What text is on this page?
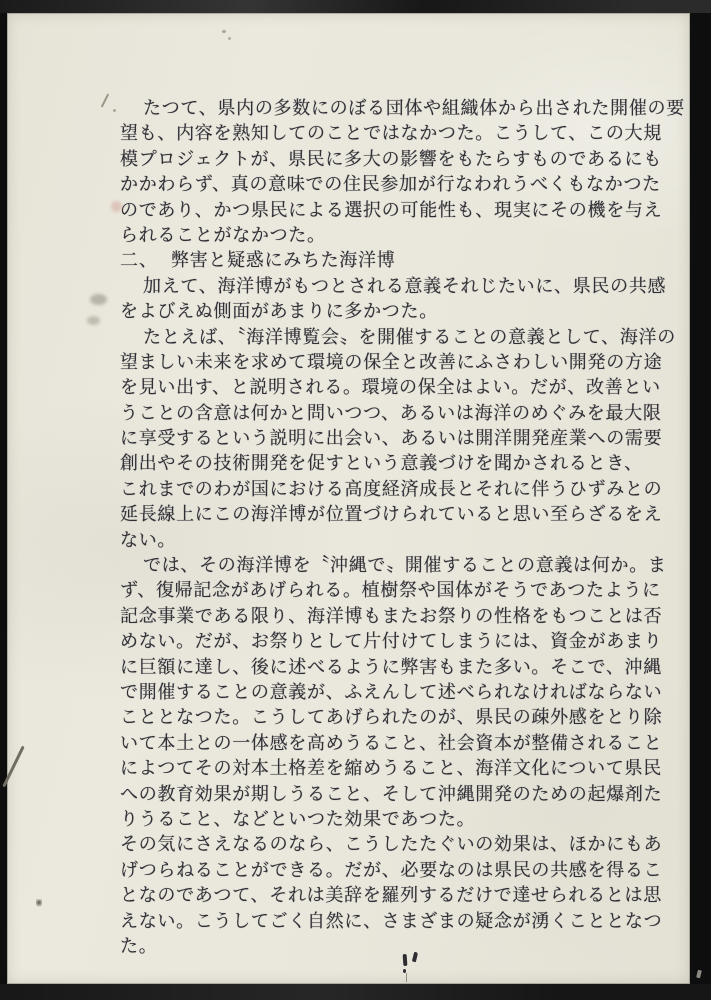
たつて、県内の多数にのぼる団体や組織体から出された開催の要
望も、内容を熟知してのことではなかつた。こうして、この大規
模プロジェクトが、県民に多大の影響をもたらすものであるにも
かかわらず、真の意味での住民参加が行なわれうべくもなかつた
のであり、かつ県民による選択の可能性も、現実にその機を与え
られることがなかつた。
二、 弊害と疑惑にみちた海洋博
加えて、海洋博がもつとされる意義それじたいに、県民の共感
をよびえぬ側面があまりに多かつた。
たとえば、〝海洋博覧会〟を開催することの意義として、海洋の
望ましい未来を求めて環境の保全と改善にふさわしい開発の方途
を見い出す、と説明される。環境の保全はよい。だが、改善とい
うことの含意は何かと問いつつ、あるいは海洋のめぐみを最大限
に享受するという説明に出会い、あるいは開洋開発産業への需要
創出やその技術開発を促すという意義づけを聞かされるとき、
これまでのわが国における高度経済成長とそれに伴うひずみとの
延長線上にこの海洋博が位置づけられていると思い至らざるをえ
ない。
では、その海洋博を〝沖縄で〟開催することの意義は何か。ま
ず、復帰記念があげられる。植樹祭や国体がそうであつたように
記念事業である限り、海洋博もまたお祭りの性格をもつことは否
めない。だが、お祭りとして片付けてしまうには、資金があまり
に巨額に達し、後に述べるように弊害もまた多い。そこで、沖縄
で開催することの意義が、ふえんして述べられなければならない
こととなつた。こうしてあげられたのが、県民の疎外感をとり除
いて本土との一体感を高めうること、社会資本が整備されること
によつてその対本土格差を縮めうること、海洋文化について県民
への教育効果が期しうること、そして沖縄開発のための起爆剤た
りうること、などといつた効果であつた。
その気にさえなるのなら、こうしたたぐいの効果は、ほかにもあ
げつらねることができる。だが、必要なのは県民の共感を得るこ
となのであつて、それは美辞を羅列するだけで達せられるとは思
えない。こうしてごく自然に、さまざまの疑念が湧くこととなつ
た。
